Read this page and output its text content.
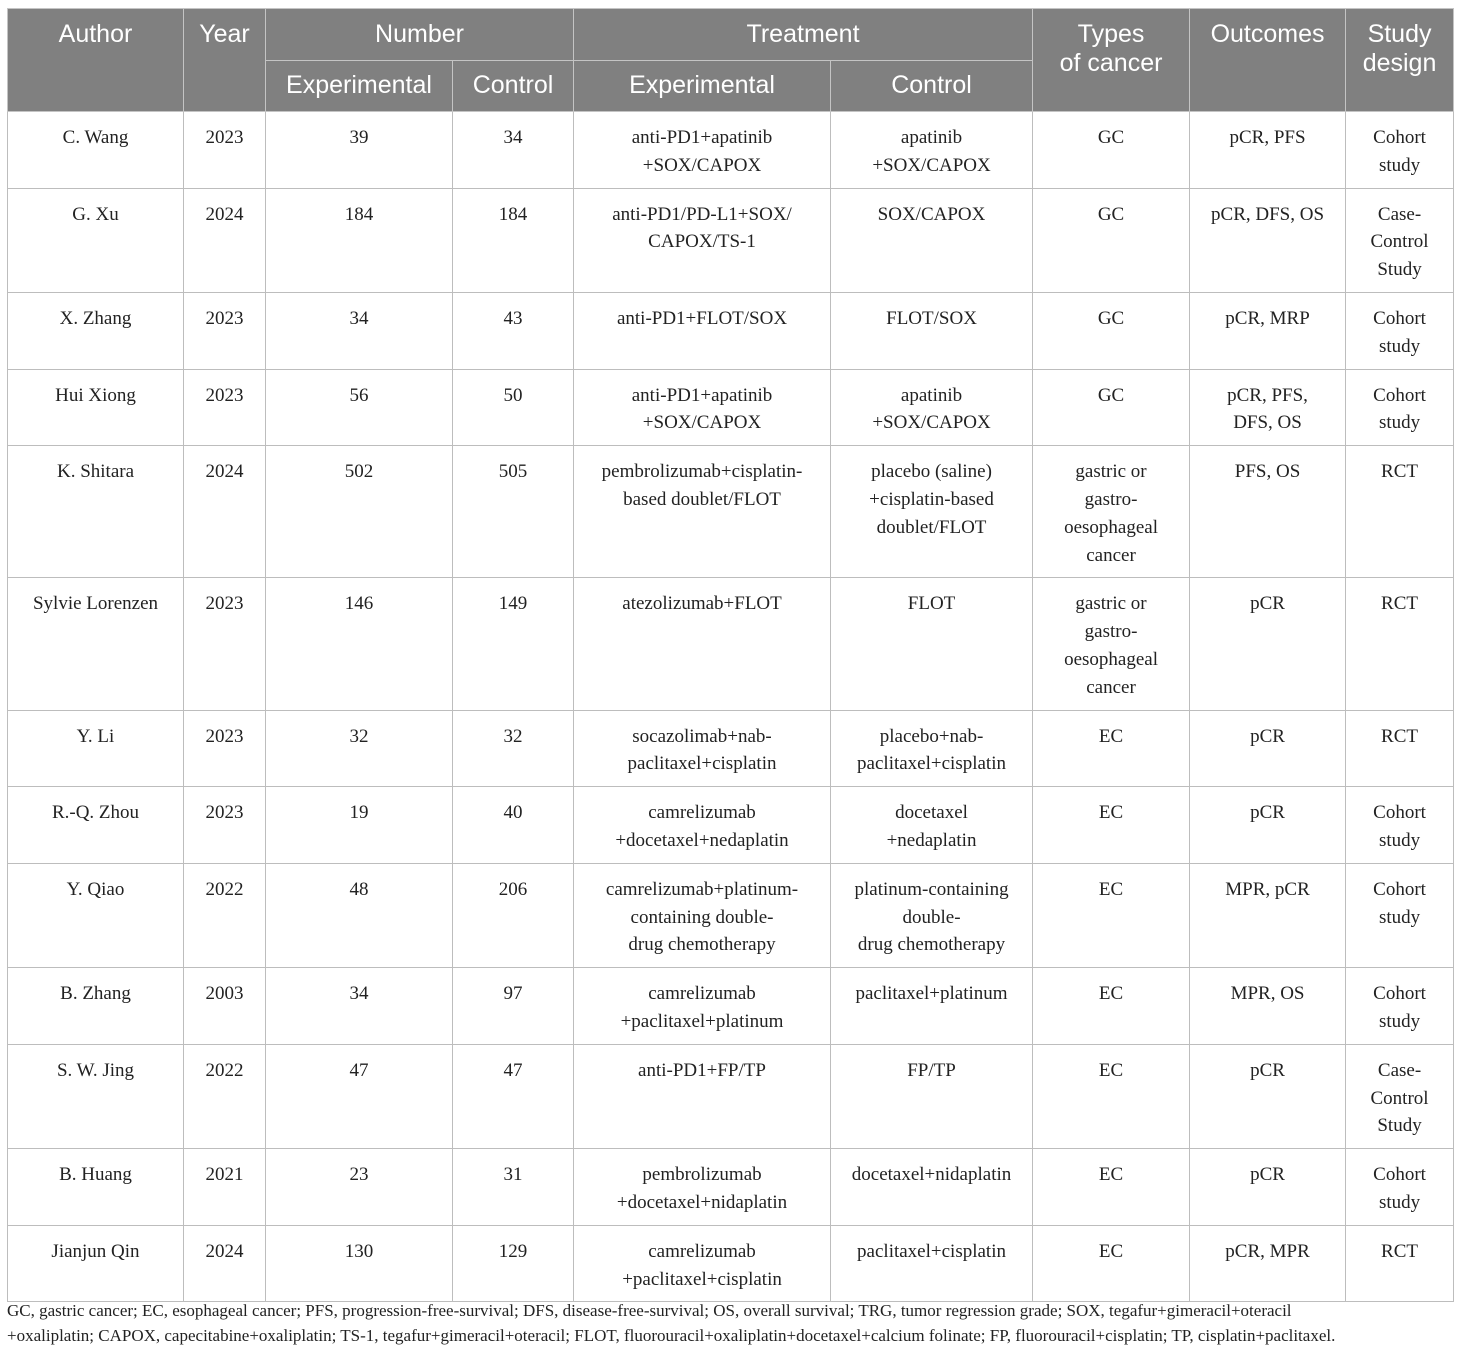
Author	Year	Number		Treatment		Types
of cancer	Outcomes	Study
design
		Experimental	Control	Experimental	Control			
C. Wang	2023	39	34	anti-PD1+apatinib
+SOX/CAPOX	apatinib
+SOX/CAPOX	GC	pCR, PFS	Cohort
study
G. Xu	2024	184	184	anti-PD1/PD-L1+SOX/
CAPOX/TS-1	SOX/CAPOX	GC	pCR, DFS, OS	Case-
Control
Study
X. Zhang	2023	34	43	anti-PD1+FLOT/SOX	FLOT/SOX	GC	pCR, MRP	Cohort
study
Hui Xiong	2023	56	50	anti-PD1+apatinib
+SOX/CAPOX	apatinib
+SOX/CAPOX	GC	pCR, PFS,
DFS, OS	Cohort
study
K. Shitara	2024	502	505	pembrolizumab+cisplatin-
based doublet/FLOT	placebo (saline)
+cisplatin-based
doublet/FLOT	gastric or
gastro-
oesophageal
cancer	PFS, OS	RCT
Sylvie Lorenzen	2023	146	149	atezolizumab+FLOT	FLOT	gastric or
gastro-
oesophageal
cancer	pCR	RCT
Y. Li	2023	32	32	socazolimab+nab-
paclitaxel+cisplatin	placebo+nab-
paclitaxel+cisplatin	EC	pCR	RCT
R.-Q. Zhou	2023	19	40	camrelizumab
+docetaxel+nedaplatin	docetaxel
+nedaplatin	EC	pCR	Cohort
study
Y. Qiao	2022	48	206	camrelizumab+platinum-
containing double-
drug chemotherapy	platinum-containing
double-
drug chemotherapy	EC	MPR, pCR	Cohort
study
B. Zhang	2003	34	97	camrelizumab
+paclitaxel+platinum	paclitaxel+platinum	EC	MPR, OS	Cohort
study
S. W. Jing	2022	47	47	anti-PD1+FP/TP	FP/TP	EC	pCR	Case-
Control
Study
B. Huang	2021	23	31	pembrolizumab
+docetaxel+nidaplatin	docetaxel+nidaplatin	EC	pCR	Cohort
study
Jianjun Qin	2024	130	129	camrelizumab
+paclitaxel+cisplatin	paclitaxel+cisplatin	EC	pCR, MPR	RCT
GC, gastric cancer; EC, esophageal cancer; PFS, progression-free-survival; DFS, disease-free-survival; OS, overall survival; TRG, tumor regression grade; SOX, tegafur+gimeracil+oteracil
+oxaliplatin; CAPOX, capecitabine+oxaliplatin; TS-1, tegafur+gimeracil+oteracil; FLOT, fluorouracil+oxaliplatin+docetaxel+calcium folinate; FP, fluorouracil+cisplatin; TP, cisplatin+paclitaxel.
